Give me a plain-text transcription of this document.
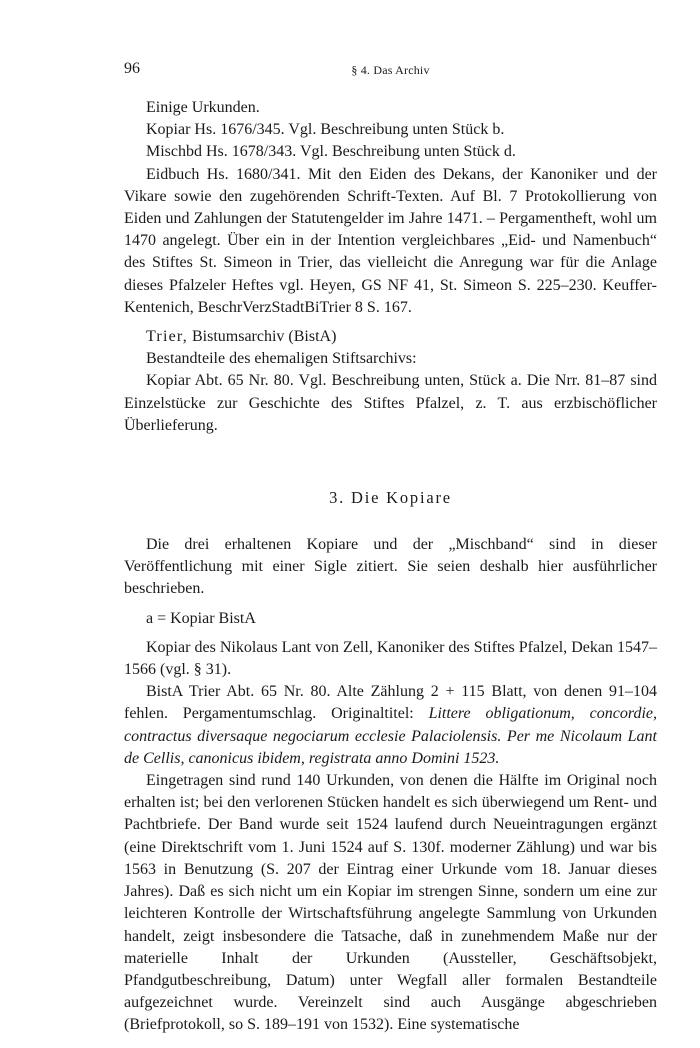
96	§ 4. Das Archiv

Einige Urkunden.

Kopiar Hs. 1676/345. Vgl. Beschreibung unten Stück b.

Mischbd Hs. 1678/343. Vgl. Beschreibung unten Stück d.

Eidbuch Hs. 1680/341. Mit den Eiden des Dekans, der Kanoniker und der Vikare sowie den zugehörenden Schrift-Texten. Auf Bl. 7 Protokollierung von Eiden und Zahlungen der Statutengelder im Jahre 1471. – Pergamentheft, wohl um 1470 angelegt. Über ein in der Intention vergleichbares „Eid- und Namenbuch“ des Stiftes St. Simeon in Trier, das vielleicht die Anregung war für die Anlage dieses Pfalzeler Heftes vgl. Heyen, GS NF 41, St. Simeon S. 225–230. Keuffer-Kentenich, BeschrVerzStadtBiTrier 8 S. 167.

Trier, Bistumsarchiv (BistA)

Bestandteile des ehemaligen Stiftsarchivs:

Kopiar Abt. 65 Nr. 80. Vgl. Beschreibung unten, Stück a. Die Nrr. 81–87 sind Einzelstücke zur Geschichte des Stiftes Pfalzel, z. T. aus erzbischöflicher Überlieferung.

3. Die Kopiare

Die drei erhaltenen Kopiare und der „Mischband“ sind in dieser Veröffentlichung mit einer Sigle zitiert. Sie seien deshalb hier ausführlicher beschrieben.

a = Kopiar BistA

Kopiar des Nikolaus Lant von Zell, Kanoniker des Stiftes Pfalzel, Dekan 1547–1566 (vgl. § 31).

BistA Trier Abt. 65 Nr. 80. Alte Zählung 2 + 115 Blatt, von denen 91–104 fehlen. Pergamentumschlag. Originaltitel: Littere obligationum, concordie, contractus diversaque negociarum ecclesie Palaciolensis. Per me Nicolaum Lant de Cellis, canonicus ibidem, registrata anno Domini 1523.

Eingetragen sind rund 140 Urkunden, von denen die Hälfte im Original noch erhalten ist; bei den verlorenen Stücken handelt es sich überwiegend um Rent- und Pachtbriefe. Der Band wurde seit 1524 laufend durch Neueintragungen ergänzt (eine Direktschrift vom 1. Juni 1524 auf S. 130f. moderner Zählung) und war bis 1563 in Benutzung (S. 207 der Eintrag einer Urkunde vom 18. Januar dieses Jahres). Daß es sich nicht um ein Kopiar im strengen Sinne, sondern um eine zur leichteren Kontrolle der Wirtschaftsführung angelegte Sammlung von Urkunden handelt, zeigt insbesondere die Tatsache, daß in zunehmendem Maße nur der materielle Inhalt der Urkunden (Aussteller, Geschäftsobjekt, Pfandgutbeschreibung, Datum) unter Wegfall aller formalen Bestandteile aufgezeichnet wurde. Vereinzelt sind auch Ausgänge abgeschrieben (Briefprotokoll, so S. 189–191 von 1532). Eine systematische
